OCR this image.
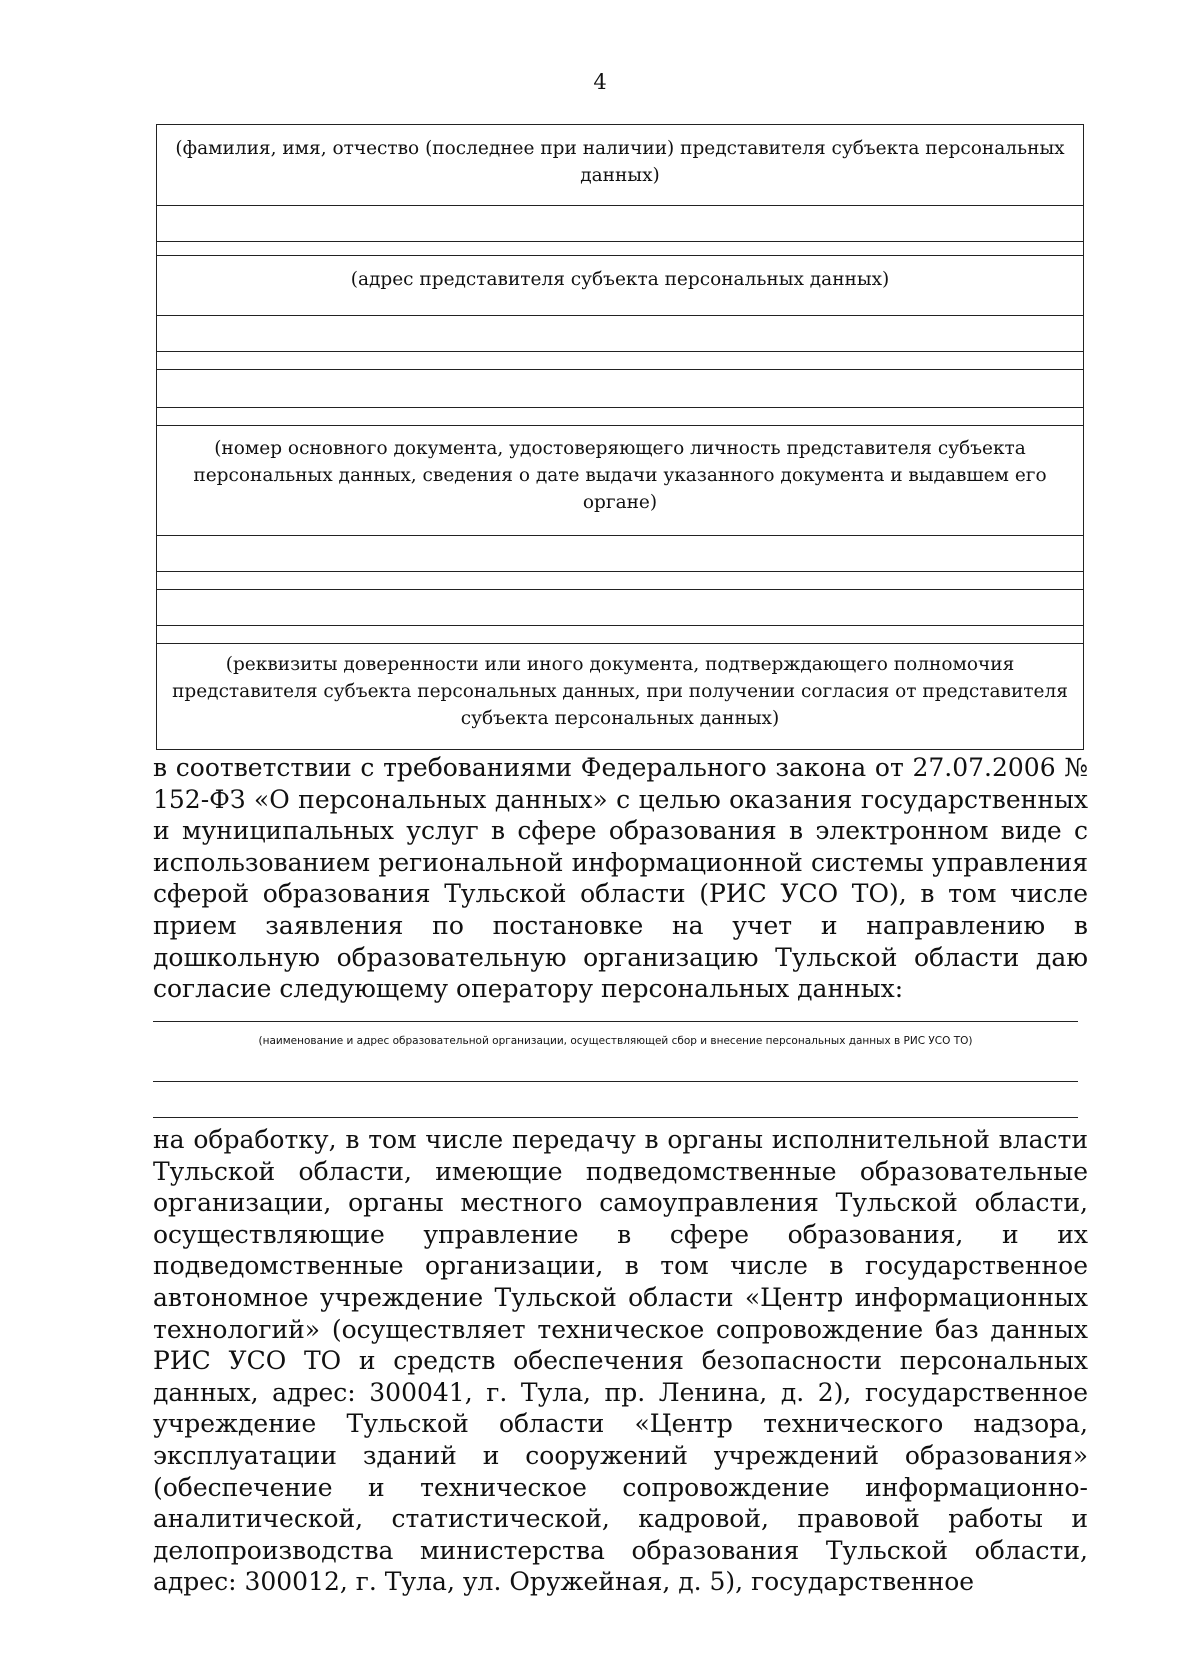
4
(фамилия, имя, отчество (последнее при наличии) представителя субъекта персональных данных)
(адрес представителя субъекта персональных данных)
(номер основного документа, удостоверяющего личность представителя субъекта персональных данных, сведения о дате выдачи указанного документа и выдавшем его органе)
(реквизиты доверенности или иного документа, подтверждающего полномочия представителя субъекта персональных данных, при получении согласия от представителя субъекта персональных данных)

в соответствии с требованиями Федерального закона от 27.07.2006 № 152-ФЗ «О персональных данных» с целью оказания государственных и муниципальных услуг в сфере образования в электронном виде с использованием региональной информационной системы управления сферой образования Тульской области (РИС УСО ТО), в том числе прием заявления по постановке на учет и направлению в дошкольную образовательную организацию Тульской области даю согласие следующему оператору персональных данных:

(наименование и адрес образовательной организации, осуществляющей сбор и внесение персональных данных в РИС УСО ТО)

на обработку, в том числе передачу в органы исполнительной власти Тульской области, имеющие подведомственные образовательные организации, органы местного самоуправления Тульской области, осуществляющие управление в сфере образования, и их подведомственные организации, в том числе в государственное автономное учреждение Тульской области «Центр информационных технологий» (осуществляет техническое сопровождение баз данных РИС УСО ТО и средств обеспечения безопасности персональных данных, адрес: 300041, г. Тула, пр. Ленина, д. 2), государственное учреждение Тульской области «Центр технического надзора, эксплуатации зданий и сооружений учреждений образования» (обеспечение и техническое сопровождение информационно-аналитической, статистической, кадровой, правовой работы и делопроизводства министерства образования Тульской области, адрес: 300012, г. Тула, ул. Оружейная, д. 5), государственное
